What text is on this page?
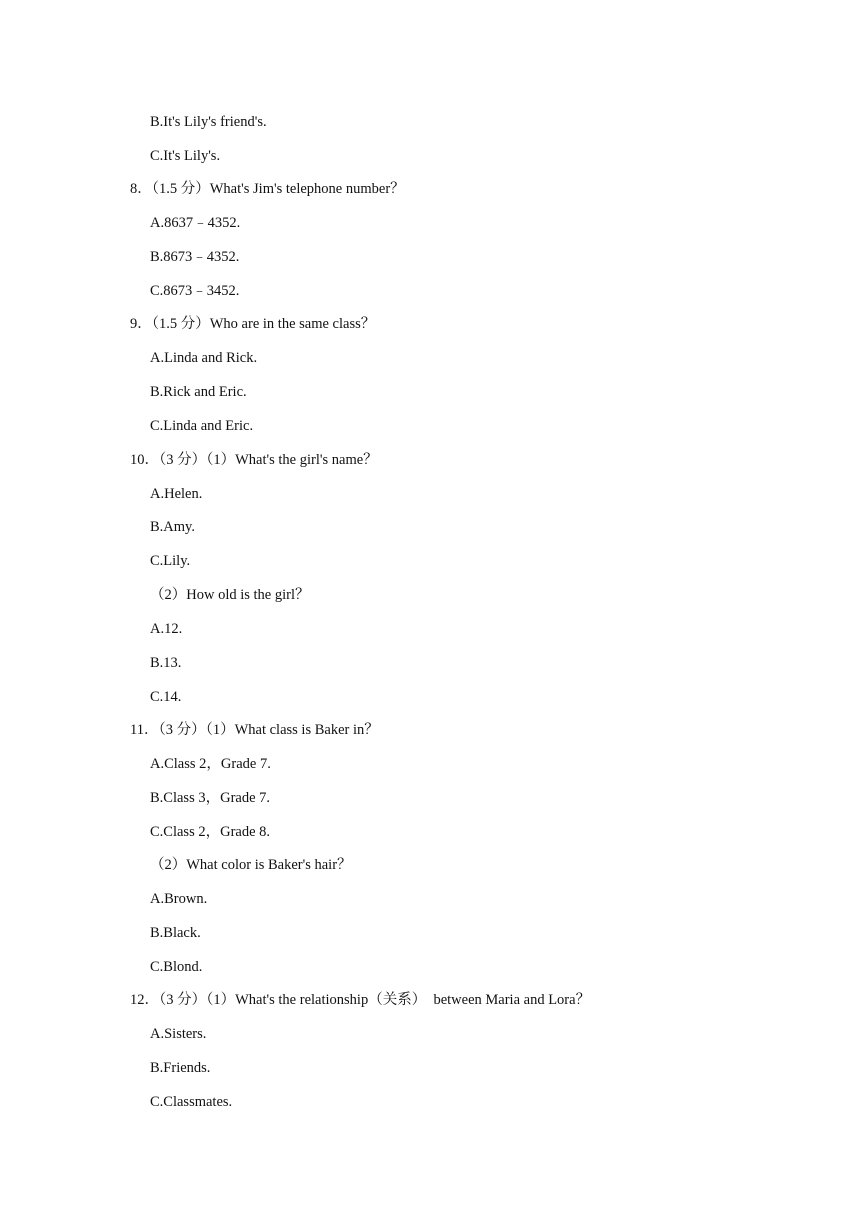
B.It's Lily's friend's.
C.It's Lily's.
8．（1.5 分）What's Jim's telephone number？
A.8637﹣4352.
B.8673﹣4352.
C.8673﹣3452.
9．（1.5 分）Who are in the same class？
A.Linda and Rick.
B.Rick and Eric.
C.Linda and Eric.
10．（3 分）（1）What's the girl's name？
A.Helen.
B.Amy.
C.Lily.
（2）How old is the girl？
A.12.
B.13.
C.14.
11．（3 分）（1）What class is Baker in？
A.Class 2，Grade 7.
B.Class 3，Grade 7.
C.Class 2，Grade 8.
（2）What color is Baker's hair？
A.Brown.
B.Black.
C.Blond.
12．（3 分）（1）What's the relationship（关系）  between Maria and Lora？
A.Sisters.
B.Friends.
C.Classmates.
